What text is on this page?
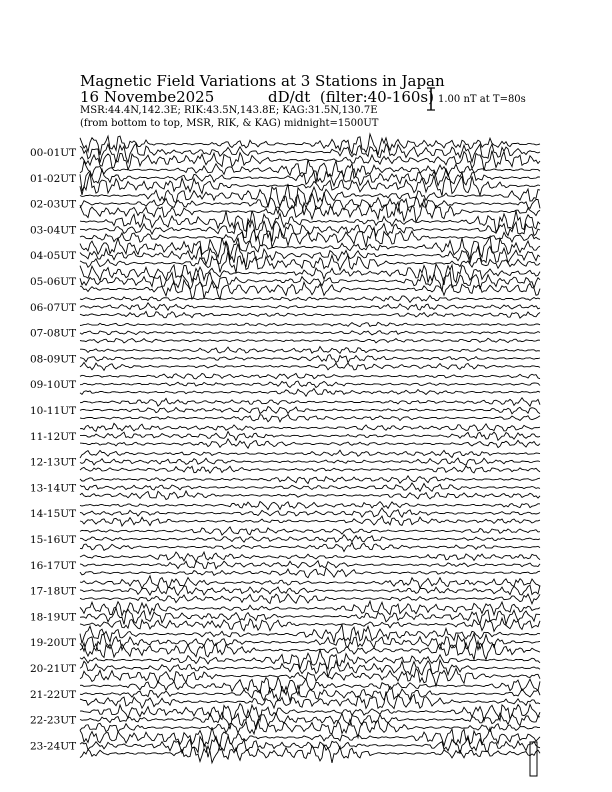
Magnetic Field Variations at 3 Stations in Japan
16 Novembe2025	dD/dt (filter:40-160s)
MSR:44.4N,142.3E; RIK:43.5N,143.8E; KAG:31.5N,130.7E
(from bottom to top, MSR, RIK, & KAG) midnight=1500UT
1.00 nT at T=80s
00-01UT
01-02UT
02-03UT
03-04UT
04-05UT
05-06UT
06-07UT
07-08UT
08-09UT
09-10UT
10-11UT
11-12UT
12-13UT
13-14UT
14-15UT
15-16UT
16-17UT
17-18UT
18-19UT
19-20UT
20-21UT
21-22UT
22-23UT
23-24UT
